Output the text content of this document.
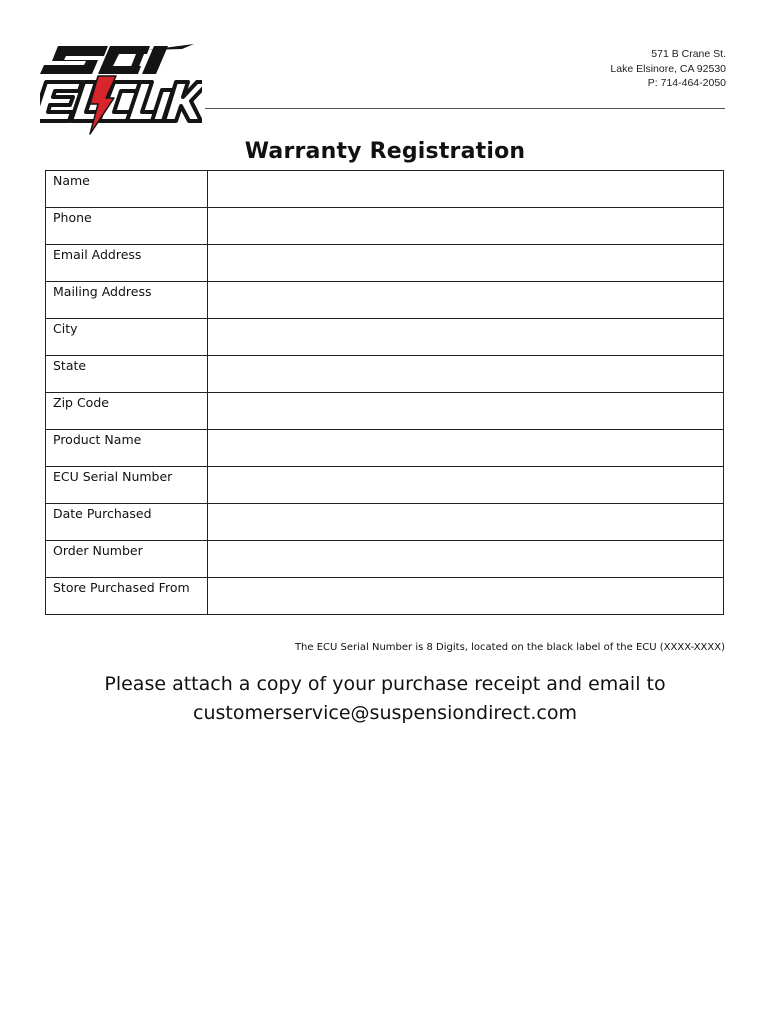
571 B Crane St.
Lake Elsinore, CA 92530
P: 714-464-2050
Warranty Registration
Name	
Phone	
Email Address	
Mailing Address	
City	
State	
Zip Code	
Product Name	
ECU Serial Number	
Date Purchased	
Order Number	
Store Purchased From	
The ECU Serial Number is 8 Digits, located on the black label of the ECU (XXXX-XXXX)
Please attach a copy of your purchase receipt and email to
customerservice@suspensiondirect.com
